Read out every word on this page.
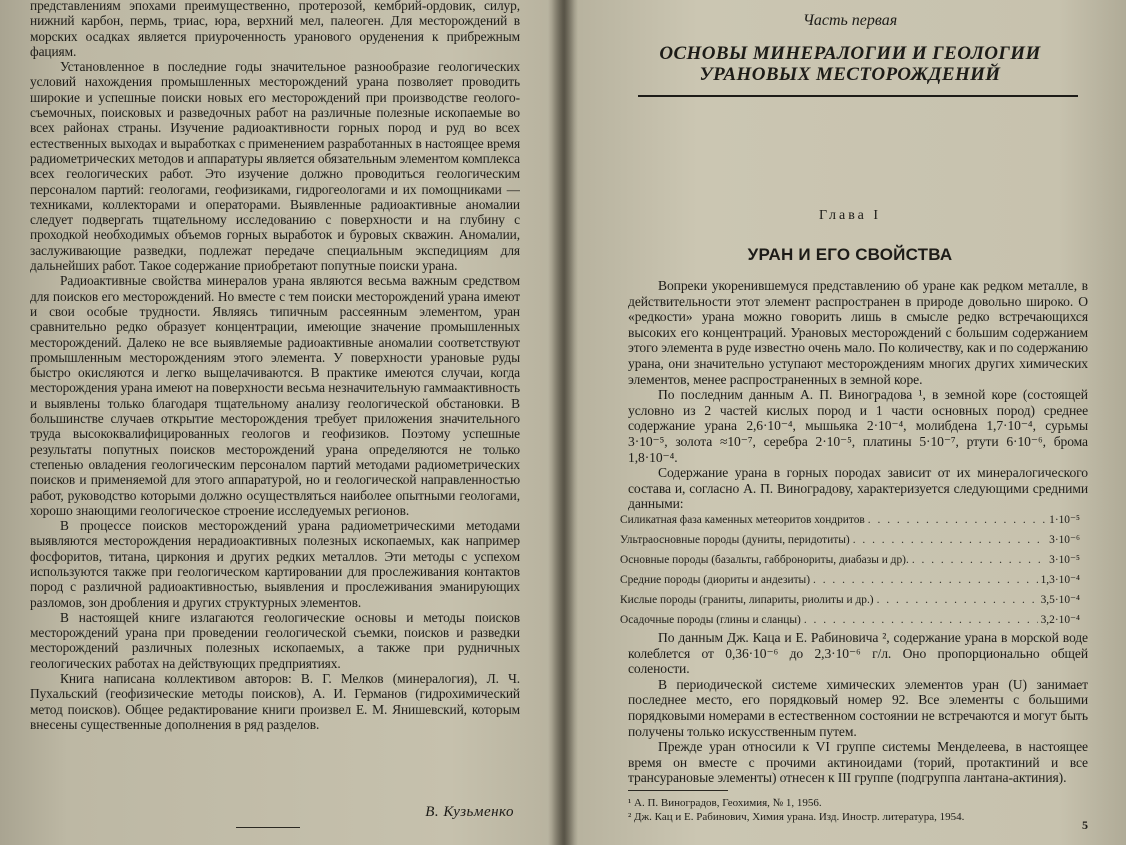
представлениям эпохами преимущественно, протерозой, кембрий-ордовик, силур, нижний карбон, пермь, триас, юра, верхний мел, палеоген. Для месторождений в морских осадках является приуроченность уранового оруденения к прибрежным фациям.

Установленное в последние годы значительное разнообразие геологических условий нахождения промышленных месторождений урана позволяет проводить широкие и успешные поиски новых его месторождений при производстве геолого-съемочных, поисковых и разведочных работ на различные полезные ископаемые во всех районах страны. Изучение радиоактивности горных пород и руд во всех естественных выходах и выработках с применением разработанных в настоящее время радиометрических методов и аппаратуры является обязательным элементом комплекса всех геологических работ. Это изучение должно проводиться геологическим персоналом партий: геологами, геофизиками, гидрогеологами и их помощниками — техниками, коллекторами и операторами. Выявленные радиоактивные аномалии следует подвергать тщательному исследованию с поверхности и на глубину с проходкой необходимых объемов горных выработок и буровых скважин. Аномалии, заслуживающие разведки, подлежат передаче специальным экспедициям для дальнейших работ. Такое содержание приобретают попутные поиски урана.

Радиоактивные свойства минералов урана являются весьма важным средством для поисков его месторождений. Но вместе с тем поиски месторождений урана имеют и свои особые трудности. Являясь типичным рассеянным элементом, уран сравнительно редко образует концентрации, имеющие значение промышленных месторождений. Далеко не все выявляемые радиоактивные аномалии соответствуют промышленным месторождениям этого элемента. У поверхности урановые руды быстро окисляются и легко выщелачиваются. В практике имеются случаи, когда месторождения урана имеют на поверхности весьма незначительную гаммаактивность и выявлены только благодаря тщательному анализу геологической обстановки. В большинстве случаев открытие месторождения требует приложения значительного труда высококвалифицированных геологов и геофизиков. Поэтому успешные результаты попутных поисков месторождений урана определяются не только степенью овладения геологическим персоналом партий методами радиометрических поисков и применяемой для этого аппаратурой, но и геологической направленностью работ, руководство которыми должно осуществляться наиболее опытными геологами, хорошо знающими геологическое строение исследуемых регионов.

В процессе поисков месторождений урана радиометрическими методами выявляются месторождения нерадиоактивных полезных ископаемых, как например фосфоритов, титана, циркония и других редких металлов. Эти методы с успехом используются также при геологическом картировании для прослеживания контактов пород с различной радиоактивностью, выявления и прослеживания эманирующих разломов, зон дробления и других структурных элементов.

В настоящей книге излагаются геологические основы и методы поисков месторождений урана при проведении геологической съемки, поисков и разведки месторождений различных полезных ископаемых, а также при рудничных геологических работах на действующих предприятиях.

Книга написана коллективом авторов: В. Г. Мелков (минералогия), Л. Ч. Пухальский (геофизические методы поисков), А. И. Германов (гидрохимический метод поисков). Общее редактирование книги произвел Е. М. Янишевский, которым внесены существенные дополнения в ряд разделов.

В. Кузьменко
Часть первая
ОСНОВЫ МИНЕРАЛОГИИ И ГЕОЛОГИИ
УРАНОВЫХ МЕСТОРОЖДЕНИЙ
Глава I
УРАН И ЕГО СВОЙСТВА

Вопреки укоренившемуся представлению об уране как редком металле, в действительности этот элемент распространен в природе довольно широко. О «редкости» урана можно говорить лишь в смысле редко встречающихся высоких его концентраций. Урановых месторождений с большим содержанием этого элемента в руде известно очень мало. По количеству, как и по содержанию урана, они значительно уступают месторождениям многих других химических элементов, менее распространенных в земной коре.

По последним данным А. П. Виноградова ¹, в земной коре (состоящей условно из 2 частей кислых пород и 1 части основных пород) среднее содержание урана 2,6·10⁻⁴, мышьяка 2·10⁻⁴, молибдена 1,7·10⁻⁴, сурьмы 3·10⁻⁵, золота ≈10⁻⁷, серебра 2·10⁻⁵, платины 5·10⁻⁷, ртути 6·10⁻⁶, брома 1,8·10⁻⁴.

Содержание урана в горных породах зависит от их минералогического состава и, согласно А. П. Виноградову, характеризуется следующими средними данными:

Силикатная фаза каменных метеоритов хондритов . . .	1·10⁻⁵
Ультраосновные породы (дуниты, перидотиты) . . .	3·10⁻⁶
Основные породы (базальты, габбронориты, диабазы и др). . . .	3·10⁻⁵
Средние породы (диориты и андезиты) . . .	1,3·10⁻⁴
Кислые породы (граниты, липариты, риолиты и др.) . . .	3,5·10⁻⁴
Осадочные породы (глины и сланцы) . . .	3,2·10⁻⁴

По данным Дж. Каца и Е. Рабиновича ², содержание урана в морской воде колеблется от 0,36·10⁻⁶ до 2,3·10⁻⁶ г/л. Оно пропорционально общей солености.

В периодической системе химических элементов уран (U) занимает последнее место, его порядковый номер 92. Все элементы с большими порядковыми номерами в естественном состоянии не встречаются и могут быть получены только искусственным путем.

Прежде уран относили к VI группе системы Менделеева, в настоящее время он вместе с прочими актиноидами (торий, протактиний и все трансурановые элементы) отнесен к III группе (подгруппа лантана-актиния).

¹ А. П. Виноградов, Геохимия, № 1, 1956.
² Дж. Кац и Е. Рабинович, Химия урана. Изд. Иностр. литература, 1954.
5
